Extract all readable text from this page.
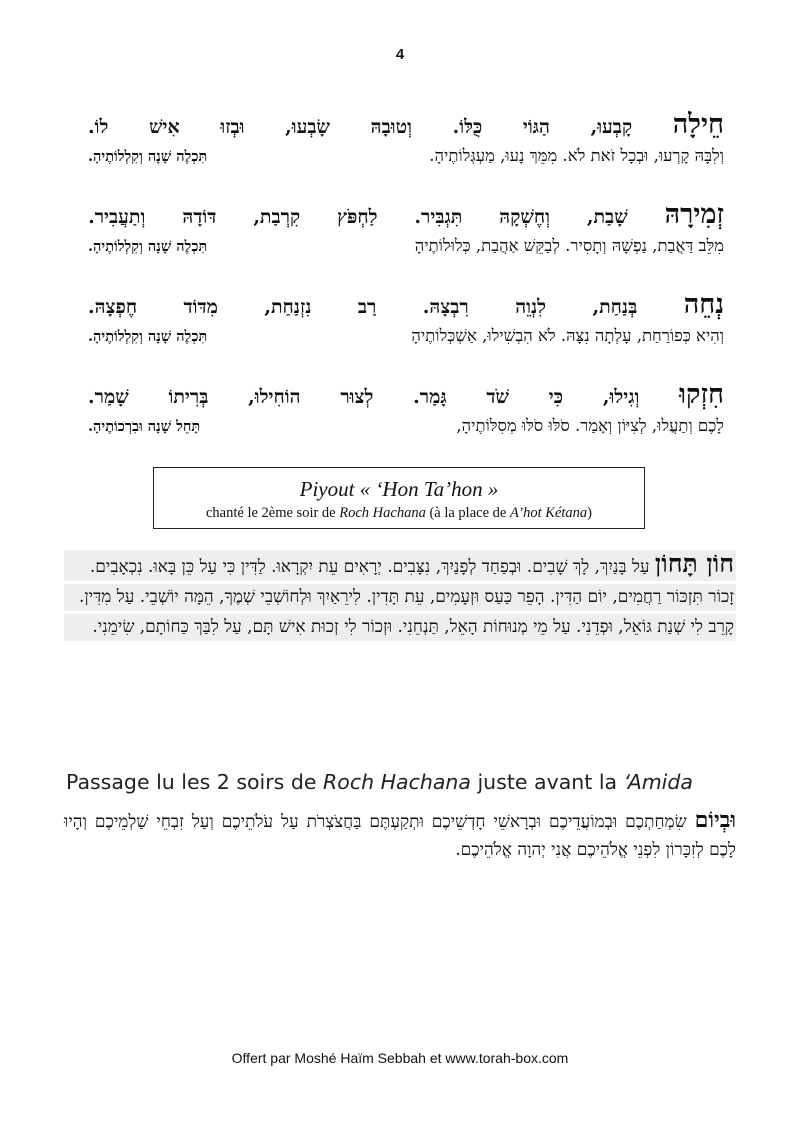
4
חֵילָה
קָבְעוּ,
הַגּוֹי
כֻּלּוֹ.
וְטוּבָהּ
שָׂבְעוּ,
וּבְזוּ
אִישׁ
לוֹ.
וְלִבָּהּ קָרְעוּ, וּבְכָל זֹאת לֹא. מִמֵּךְ נָעוּ, מַעְגְּלוֹתֶיהָ.
תִּכְלֶה שָׁנָה וְקִלְלוֹתֶיהָ.
זְמִירָהּ
שָׁבַת,
וְחֶשְׁקָהּ
תִּגְבִּיר.
לַחְפֹּץ
קִרְבַת,
דּוֹדָהּ
וְתַעֲבִיר.
מִלֵּב דַּאֲבַת, נַפְשָׁהּ וְתָסִיר. לְבַקֵּשׁ אַהֲבַת, כְּלוּלוֹתֶיהָ
תִּכְלֶה שָׁנָה וְקִלְלוֹתֶיהָ.
נְחֵה
בְּנַחַת,
לִנְוֵה
רִבְצָהּ.
רַב
נִזְנַחַת,
מִדּוֹד
חֶפְצָהּ.
וְהִיא כְּפוֹרַחַת, עָלְתָה נִצָּהּ. לֹא הִבְשִׁילוּ, אַשְׁכְּלוֹתֶיהָ
תִּכְלֶה שָׁנָה וְקִלְלוֹתֶיהָ.
חִזְקוּ
וְגִילוּ,
כִּי
שֹׁד
גָּמַר.
לְצוּר
הוֹחִילוּ,
בְּרִיתוֹ
שָׁמַר.
לָכֶם וְתַעֲלוּ, לְצִיּוֹן וְאָמַר. סֹלּוּ סֹלּוּ מְסִלּוֹתֶיהָ,
תָּחֵל שָׁנָה וּבִרְכוֹתֶיהָ.
Piyout « ‘Hon Ta’hon »
chanté le 2ème soir de Roch Hachana (à la place de A’hot Kétana)
חוֹן תָּחוֹן עַל בָּנַיִךְ, לָךְ שָׁבִים. וּבְפַחַד לְפָנַיִךְ, נִצָּבִים. יְרָאִים עֵת יִקְרָאוּ. לַדִּין כִּי עַל כֵּן בָּאוּ. נִכְאָבִים.
זָכוֹר תִּזְכּוֹר רַחֲמִים, יוֹם הַדִּין. הָפֵר כַּעַס וּזְעָמִים, עֵת תָּדִין. לִירֵאַיִךְ וּלְחוֹשְׁבֵי שְׁמֶךָ, הֵמָּה יוֹשְׁבֵי. עַל מִדִּין.
קָרֵב לִי שְׁנַת גּוֹאֵל, וּפְדֵנִי. עַל מֵי מְנוּחוֹת הָאֵל, תַּנְחֵנִי. וּזְכוֹר לִי זְכוּת אִישׁ תָּם, עַל לִבַּךְ כַּחוֹתָם, שִׂימֵנִי.
Passage lu les 2 soirs de Roch Hachana juste avant la ‘Amida
וּבְיוֹם שִׂמְחַתְכֶם וּבְמוֹעֲדֵיכֶם וּבְרָאשֵׁי חָדְשֵׁיכֶם וּתְקַעְתֶּם בַּחֲצֹצְרֹת עַל עֹלֹתֵיכֶם וְעַל זִבְחֵי שַׁלְמֵיכֶם וְהָיוּ לָכֶם לְזִכָּרוֹן לִפְנֵי אֱלֹהֵיכֶם אֲנִי יְהוָה אֱלֹהֵיכֶם.
Offert par Moshé Haïm Sebbah et www.torah-box.com
